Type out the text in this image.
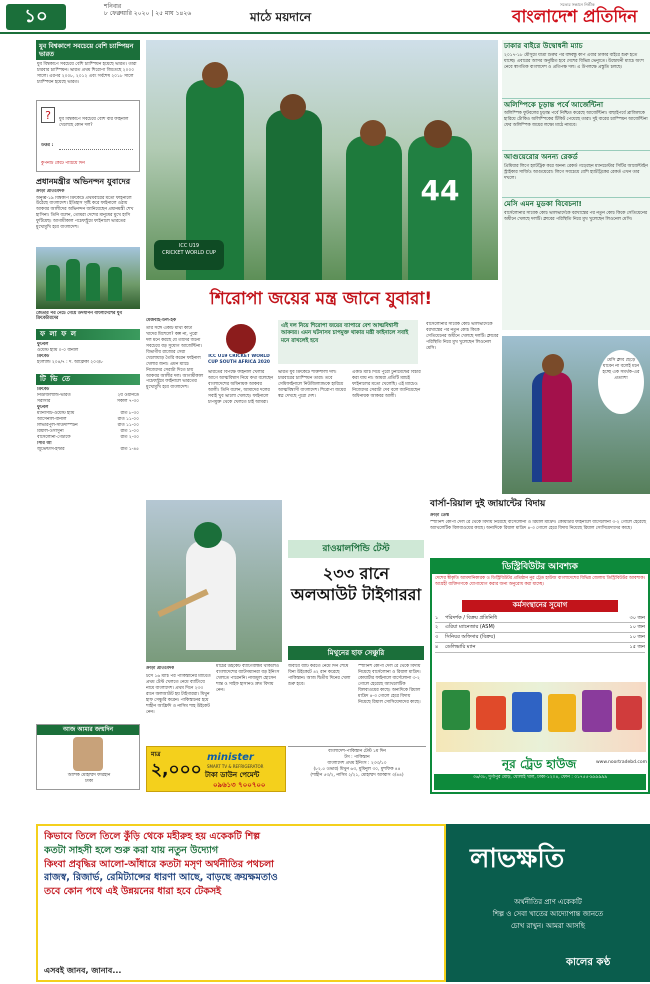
১০	শনিবার
৮ ফেব্রুয়ারি ২০২০ | ২৫ মাঘ ১৪২৬	মাঠে ময়দানে
সত্যের সন্ধানে নির্ভীক
বাংলাদেশ প্রতিদিন
যুব বিশ্বকাপে সবচেয়ে বেশি চ্যাম্পিয়ন ভারত
যুব বিশ্বকাপে সবচেয়ে বেশি চ্যাম্পিয়ন হয়েছে ভারত। তারা চারবার চ্যাম্পিয়ন। ভারত প্রথম শিরোপা জিতেছে ২০০০ সালে। এরপর ২০০৮, ২০১২ এবং সর্বশেষ ২০১৮ সালে চ্যাম্পিয়ন হয়েছে ভারত।
?	যুব বিশ্বকাপে সবচেয়ে বেশি বার ফাইনাল খেলেছে কোন দল?
উত্তর :
কুপনটি কেটে পাঠিয়ে দিন
প্রধানমন্ত্রীর অভিনন্দন যুবাদের
ক্রীড়া প্রতিবেদক
অনূর্ধ্ব-১৯ বিশ্বকাপ ক্রিকেটে প্রথমবারের মতো ফাইনালে উঠেছে বাংলাদেশ। ইতিহাস সৃষ্টি করে ফাইনালে ওঠায় আকবর আলীদের অভিনন্দন জানিয়েছেন প্রধানমন্ত্রী শেখ হাসিনা। তিনি বলেন, তোমরা দেশের মানুষের মুখে হাসি ফুটিয়েছ। আগামীকাল পচেফস্ট্রুমে ফাইনালে ভারতের মুখোমুখি হবে বাংলাদেশ।
জেতার পর নেচে গেয়ে উদযাপন বাংলাদেশের যুব ক্রিকেটারদের
ফ লা ফ ল
ফুটবল
ওয়েস্ট হ্যাম ০-০ বার্নলি
ক্রিকেট
ইংল্যান্ড ২০৪/৭ : দ. আফ্রিকা ২০৩/৮
টি ভি তে
ক্রিকেট
নিউজিল্যান্ড-ভারত	২য় ওয়ানডে
সরাসরি	সকাল ৭-৩০
ফুটবল
ম্যানসিটি-ওয়েস্ট হ্যাম	রাত ৮-৩০
আর্সেনাল-বার্নলি	রাত ১১-০০
লিভারপুল-সাউদাম্পটন	রাত ১১-০০
রিয়াল-ওসাসুনা	রাত ১-০০
বার্সেলোনা-গেটাফে	রাত ২-৩০
সিরি আ
জুভেন্টাস-ইন্টার	রাত ১-৪৫
আজ আমার জন্মদিন
আশিক মোহাম্মদ ফারহান
ঢাকা
44
ICC U19
CRICKET WORLD CUP
ঢাকার বাইরে উদ্বোধনী ম্যাচ
২০১৭-১৮ মৌসুমে যাত্রা শুরুর পর বঙ্গবন্ধু কাপ এবার ঢাকার বাইরে শুরু হতে যাচ্ছে। এবারের আসর অনুষ্ঠিত হবে দেশের বিভিন্ন ভেন্যুতে। উদ্বোধনী ম্যাচে অংশ নেবে স্বাগতিক বাংলাদেশ ও প্রতিপক্ষ দল। এ উপলক্ষে প্রস্তুতি চলছে।
অলিম্পিকে চূড়ান্ত পর্বে আর্জেন্টিনা
অলিম্পিক ফুটবলের চূড়ান্ত পর্বে নিশ্চিত করেছে আর্জেন্টিনা। বাছাইপর্বে ব্রাজিলকে হারিয়ে টোকিও অলিম্পিকের টিকিট পেয়েছে তারা। দুই বারের চ্যাম্পিয়ন আর্জেন্টিনা ফের অলিম্পিক জয়ের লক্ষ্যে মাঠে নামবে।
আগুয়েরোর অনন্য রেকর্ড
প্রিমিয়ার লিগে হ্যাটট্রিক করে অনন্য রেকর্ড গড়েছেন ম্যানচেস্টার সিটির আর্জেন্টাইন স্ট্রাইকার সার্জিও আগুয়েরো। লিগে সবচেয়ে বেশি হ্যাটট্রিকের রেকর্ড এখন তার দখলে।
মেসি এমন মুডকা বিবেচনা!
বার্সেলোনার সাবেক কোচ ভালভার্দেকে বরখাস্তের পর নতুন কোচ কিকে সেতিয়েনের অধীনে খেলছে দলটি। ক্লাবের পরিস্থিতি নিয়ে মুখ খুলেছেন লিওনেল মেসি।
শিরোপা জয়ের মন্ত্র জানে যুবারা!
মেজবাহ-উল-হক
ICC U19 CRICKET WORLD CUP SOUTH AFRICA 2020
তার সঙ্গে একটি মাথা কাটা খাদের মিশেলে? কল্প না, পুরো দল মনে করছে যে তাদের জন্যে সবচেয়ে বড় সুযোগ আর্জেন্টিনা। বিভাগীয় রাজ্যের সেরা খেলোয়াড় তৈরি করেন ফাইনাল খেলার জন্য। এমন ম্যাচে নিজেদের সেরাটা দিতে চায় আকবর আলীর দল। আগামীকাল পচেফস্ট্রুমে ফাইনালে ভারতের মুখোমুখি হবে বাংলাদেশ।
এই দল নিয়ে শিরোপা জয়ের ব্যাপারে বেশ আত্মবিশ্বাসী আকবর। এমন ঘটনাসব চাপমুক্ত থাকার মন্ত্রী ফাইনালে সবাই মনে রাখলেই হবে
ভারতের বিপক্ষে ফাইনাল খেলার আগে আত্মবিশ্বাস নিয়ে কথা বলেছেন বাংলাদেশের অধিনায়ক আকবর আলী। তিনি বলেন, আমাদের দলের সবাই খুব ভালো খেলছে। ফাইনালে চাপমুক্ত থেকে খেলতে চাই আমরা।
ভারত যুব ক্রিকেটে শক্তিশালী দল। চারবারের চ্যাম্পিয়ন তারা। তবে সেমিফাইনালে নিউজিল্যান্ডকে হারিয়ে আত্মবিশ্বাসী বাংলাদেশ। শিরোপা জয়ের স্বপ্ন দেখছে পুরো দেশ।
একটি ম্যাচ দিয়ে পুরো টুর্নামেন্টের বিচার করা যায় না। আমরা প্রতিটি ম্যাচই ফাইনালের মতো খেলেছি। এই ম্যাচেও নিজেদের সেরাটা দেব বলে জানিয়েছেন অধিনায়ক আকবর আলী।
বার্সেলোনার সাবেক কোচ ভালভার্দেকে বরখাস্তের পর নতুন কোচ কিকে সেতিয়েনের অধীনে খেলছে দলটি। ক্লাবের পরিস্থিতি নিয়ে মুখ খুলেছেন লিওনেল মেসি।
মেসি ক্লাব ছেড়ে যাবেন না বলেই মনে হচ্ছে এক সমর্থক-এর প্রত্যাশা
বার্সা-রিয়াল দুই জায়ান্টের বিদায়
ক্রীড়া ডেস্ক
স্প্যানিশ কোপা দেল রে থেকে বিদায় নিয়েছে বার্সেলোনা ও রিয়াল মাদ্রিদ। কোয়ার্টার ফাইনালে বার্সেলোনা ৩-২ গোলে হেরেছে অ্যাথলেটিক বিলবাওয়ের কাছে। অন্যদিকে রিয়াল মাদ্রিদ ৪-৩ গোলে হেরে বিদায় নিয়েছে রিয়াল সোসিয়েদাদের কাছে।
রাওয়ালপিন্ডি টেস্ট
২৩৩ রানে অলআউট টাইগাররা
মিথুনের হাফ সেঞ্চুরি
ক্রীড়া প্রতিবেদক
টসে ১৬ ম্যাচ পর পাকিস্তানের মাটিতে প্রথম টেস্ট খেলতে নেমে ব্যাটিংয়ে নামে বাংলাদেশ। প্রথম দিনে ২৩৩ রানে অলআউট হয় টাইগাররা। মিথুন হাফ সেঞ্চুরি করেন। পাকিস্তানের হয়ে শাহীন আফ্রিদি ও নাসিম শাহ উইকেট নেন।
মাঠের উইকেট ব্যাটিংবান্ধব থাকলেও বাংলাদেশের ব্যাটসম্যানরা বড় ইনিংস খেলতে পারেননি। নাজমুল হোসেন শান্ত ও সাইফ হাসানও দ্রুত বিদায় নেন।
জবাবে ব্যাট করতে নেমে দিন শেষে বিনা উইকেটে ৪২ রান করেছে পাকিস্তান। আজ দ্বিতীয় দিনের খেলা শুরু হবে।
স্প্যানিশ কোপা দেল রে থেকে বিদায় নিয়েছে বার্সেলোনা ও রিয়াল মাদ্রিদ। কোয়ার্টার ফাইনালে বার্সেলোনা ৩-২ গোলে হেরেছে অ্যাথলেটিক বিলবাওয়ের কাছে। অন্যদিকে রিয়াল মাদ্রিদ ৪-৩ গোলে হেরে বিদায় নিয়েছে রিয়াল সোসিয়েদাদের কাছে।
মাত্র
২,০০০
minister
SMART TV & REFRIGERATOR
টাকা ডাউন পেমেন্ট
০৯৬১৩ ৭০০৭০০
বাংলাদেশ-পাকিস্তান টেস্ট ১ম দিন
টস : পাকিস্তান
বাংলাদেশ প্রথম ইনিংস : ২৩৩/১০
(৮২.৫ ওভার) মিথুন ৬৩, মুমিনুল ৩০, মুশফিক ৪৪
(শাহীন ৫৩/২, নাসিম ২/২১, মোহাম্মদ আব্বাস ৩/৪৪)
ডিস্ট্রিবিউটর আবশ্যক
দেশের স্বীকৃতি আমদানিকারক ও ডিস্ট্রিবিউটর প্রতিষ্ঠান নুর ট্রেড হাউজ বাংলাদেশের বিভিন্ন জেলায় ডিস্ট্রিবিউটর আবশ্যক। আগ্রহী ব্যক্তিগণকে যোগাযোগ করার জন্য অনুরোধ করা যাচ্ছে।
কর্মসংস্থানের সুযোগ
১	পরিদর্শক / বিক্রয় প্রতিনিধি	৩০ জন
২	এরিয়া ম্যানেজার (ASM)	১০ জন
৩	সিনিয়র অফিসার (বিক্রয়)	১০ জন
৪	ডেলিভারি ম্যান	১৫ জন
নূর ট্রেড হাউজ	www.noortradebd.com
৩৬/৩৮, দুর্গাপুর মোড়, ধোলাই খাল, ঢাকা-১২০৪, ফোন : ০১৭৫৫-৯৯৯৯৯৯
কিভাবে তিলে তিলে কুঁড়ি থেকে মহীরুহ হয় একেকটি শিল্প
কতটা সাহসী হলে শুরু করা যায় নতুন উদ্যোগ
কিংবা প্রবৃদ্ধির আলো-আঁধারে কতটা মসৃণ অর্থনীতির পথচলা
রাজস্ব, রিজার্ভ, রেমিট্যান্সের ধারণা আছে, বাড়ছে ক্রয়ক্ষমতাও
তবে কোন পথে এই উন্নয়নের ধারা হবে টেকসই
এসবই জানব, জানাব...
লাভক্ষতি
অর্থনীতির প্রাণ একেকটি
শিল্প ও সেবা খাতের আদ্যোপান্ত জানতে
চোখ রাখুন। আমরা আসছি
কালের কণ্ঠ
